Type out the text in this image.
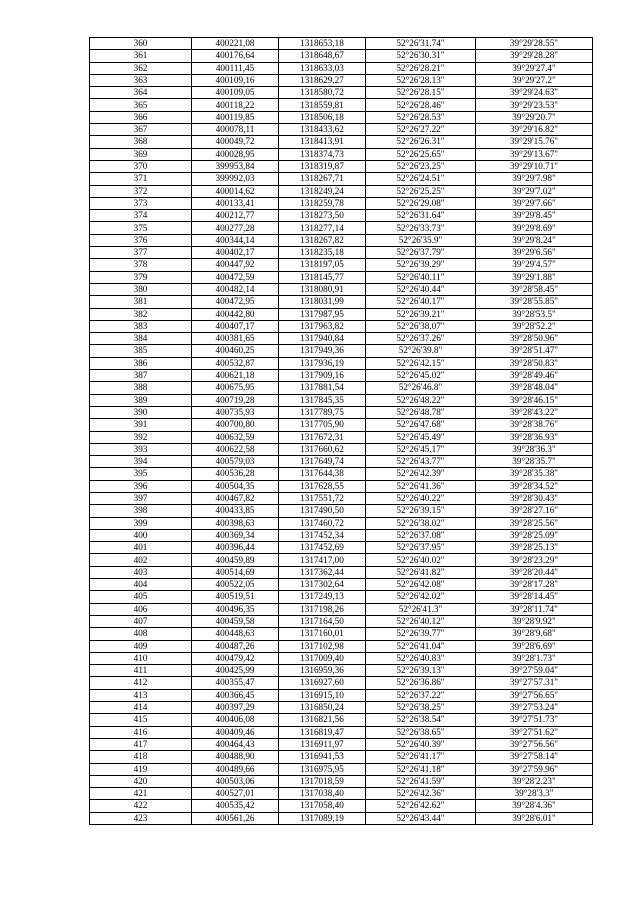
360	400221,08	1318653,18	52°26'31.74"	39°29'28.55"
361	400176,64	1318648,67	52°26'30.31"	39°29'28.28"
362	400111,45	1318633,03	52°26'28.21"	39°29'27.4"
363	400109,16	1318629,27	52°26'28.13"	39°29'27.2"
364	400109,05	1318580,72	52°26'28.15"	39°29'24.63"
365	400118,22	1318559,81	52°26'28.46"	39°29'23.53"
366	400119,85	1318506,18	52°26'28.53"	39°29'20.7"
367	400078,11	1318433,62	52°26'27.22"	39°29'16.82"
368	400049,72	1318413,91	52°26'26.31"	39°29'15.76"
369	400028,95	1318374,73	52°26'25.65"	39°29'13.67"
370	399953,84	1318319,87	52°26'23.25"	39°29'10.71"
371	399992,03	1318267,71	52°26'24.51"	39°29'7.98"
372	400014,62	1318249,24	52°26'25.25"	39°29'7.02"
373	400133,41	1318259,78	52°26'29.08"	39°29'7.66"
374	400212,77	1318273,50	52°26'31.64"	39°29'8.45"
375	400277,28	1318277,14	52°26'33.73"	39°29'8.69"
376	400344,14	1318267,82	52°26'35.9"	39°29'8.24"
377	400402,17	1318235,18	52°26'37.79"	39°29'6.56"
378	400447,92	1318197,05	52°26'39.29"	39°29'4.57"
379	400472,59	1318145,77	52°26'40.11"	39°29'1.88"
380	400482,14	1318080,91	52°26'40.44"	39°28'58.45"
381	400472,95	1318031,99	52°26'40.17"	39°28'55.85"
382	400442,80	1317987,95	52°26'39.21"	39°28'53.5"
383	400407,17	1317963,82	52°26'38.07"	39°28'52.2"
384	400381,65	1317940,84	52°26'37.26"	39°28'50.96"
385	400460,25	1317949,36	52°26'39.8"	39°28'51.47"
386	400532,87	1317936,19	52°26'42.15"	39°28'50.83"
387	400621,18	1317909,16	52°26'45.02"	39°28'49.46"
388	400675,95	1317881,54	52°26'46.8"	39°28'48.04"
389	400719,28	1317845,35	52°26'48.22"	39°28'46.15"
390	400735,93	1317789,75	52°26'48.78"	39°28'43.22"
391	400700,80	1317705,90	52°26'47.68"	39°28'38.76"
392	400632,59	1317672,31	52°26'45.49"	39°28'36.93"
393	400622,58	1317660,62	52°26'45.17"	39°28'36.3"
394	400579,03	1317649,74	52°26'43.77"	39°28'35.7"
395	400536,28	1317644,38	52°26'42.39"	39°28'35.38"
396	400504,35	1317628,55	52°26'41.36"	39°28'34.52"
397	400467,82	1317551,72	52°26'40.22"	39°28'30.43"
398	400433,85	1317490,50	52°26'39.15"	39°28'27.16"
399	400398,63	1317460,72	52°26'38.02"	39°28'25.56"
400	400369,34	1317452,34	52°26'37.08"	39°28'25.09"
401	400396,44	1317452,69	52°26'37.95"	39°28'25.13"
402	400459,89	1317417,00	52°26'40.02"	39°28'23.29"
403	400514,69	1317362,44	52°26'41.82"	39°28'20.44"
404	400522,05	1317302,64	52°26'42.08"	39°28'17.28"
405	400519,51	1317249,13	52°26'42.02"	39°28'14.45"
406	400496,35	1317198,26	52°26'41.3"	39°28'11.74"
407	400459,58	1317164,50	52°26'40.12"	39°28'9.92"
408	400448,63	1317160,01	52°26'39.77"	39°28'9.68"
409	400487,26	1317102,98	52°26'41.04"	39°28'6.69"
410	400479,42	1317009,40	52°26'40.83"	39°28'1.73"
411	400425,99	1316959,36	52°26'39.13"	39°27'59.04"
412	400355,47	1316927,60	52°26'36.86"	39°27'57.31"
413	400366,45	1316915,10	52°26'37.22"	39°27'56.65"
414	400397,29	1316850,24	52°26'38.25"	39°27'53.24"
415	400406,08	1316821,56	52°26'38.54"	39°27'51.73"
416	400409,46	1316819,47	52°26'38.65"	39°27'51.62"
417	400464,43	1316911,97	52°26'40.39"	39°27'56.56"
418	400488,90	1316941,53	52°26'41.17"	39°27'58.14"
419	400489,66	1316975,95	52°26'41.18"	39°27'59.96"
420	400503,06	1317018,59	52°26'41.59"	39°28'2.23"
421	400527,01	1317038,40	52°26'42.36"	39°28'3.3"
422	400535,42	1317058,40	52°26'42.62"	39°28'4.36"
423	400561,26	1317089,19	52°26'43.44"	39°28'6.01"
